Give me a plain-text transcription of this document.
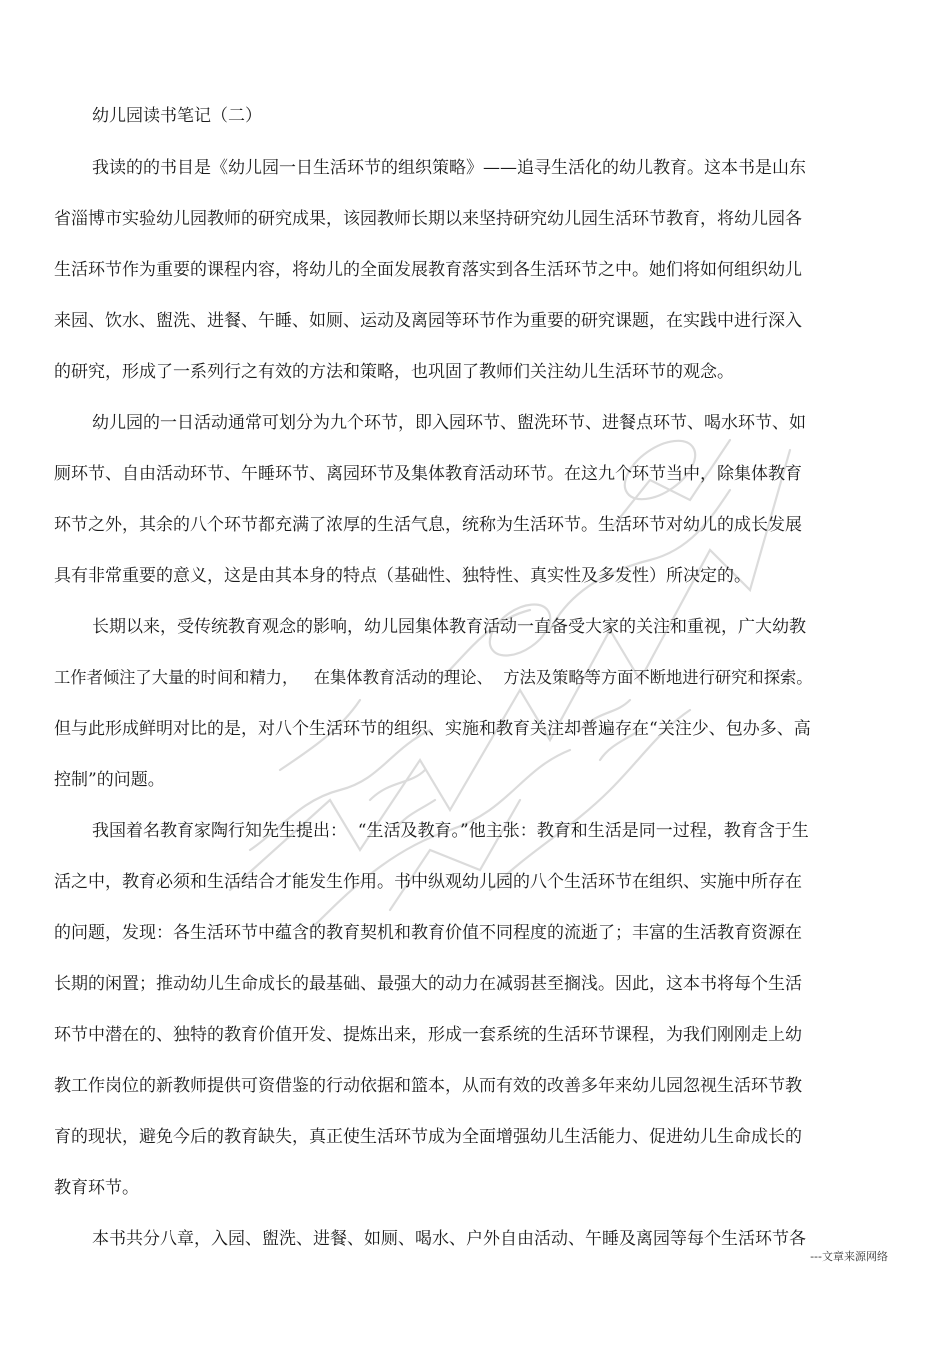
幼儿园读书笔记（二）
我读的的书目是《幼儿园一日生活环节的组织策略》——追寻生活化的幼儿教育。这本书是山东
省淄博市实验幼儿园教师的研究成果，该园教师长期以来坚持研究幼儿园生活环节教育，将幼儿园各
生活环节作为重要的课程内容，将幼儿的全面发展教育落实到各生活环节之中。她们将如何组织幼儿
来园、饮水、盥洗、进餐、午睡、如厕、运动及离园等环节作为重要的研究课题，在实践中进行深入
的研究，形成了一系列行之有效的方法和策略，也巩固了教师们关注幼儿生活环节的观念。
幼儿园的一日活动通常可划分为九个环节，即入园环节、盥洗环节、进餐点环节、喝水环节、如
厕环节、自由活动环节、午睡环节、离园环节及集体教育活动环节。在这九个环节当中，除集体教育
环节之外，其余的八个环节都充满了浓厚的生活气息，统称为生活环节。生活环节对幼儿的成长发展
具有非常重要的意义，这是由其本身的特点（基础性、独特性、真实性及多发性）所决定的。
长期以来，受传统教育观念的影响，幼儿园集体教育活动一直备受大家的关注和重视，广大幼教
工作者倾注了大量的时间和精力，   在集体教育活动的理论、  方法及策略等方面不断地进行研究和探索。
但与此形成鲜明对比的是，对八个生活环节的组织、实施和教育关注却普遍存在“关注少、包办多、高
控制”的问题。
我国着名教育家陶行知先生提出：  “生活及教育。”他主张：教育和生活是同一过程，教育含于生
活之中，教育必须和生活结合才能发生作用。书中纵观幼儿园的八个生活环节在组织、实施中所存在
的问题，发现：各生活环节中蕴含的教育契机和教育价值不同程度的流逝了；丰富的生活教育资源在
长期的闲置；推动幼儿生命成长的最基础、最强大的动力在减弱甚至搁浅。因此，这本书将每个生活
环节中潜在的、独特的教育价值开发、提炼出来，形成一套系统的生活环节课程，为我们刚刚走上幼
教工作岗位的新教师提供可资借鉴的行动依据和篮本，从而有效的改善多年来幼儿园忽视生活环节教
育的现状，避免今后的教育缺失，真正使生活环节成为全面增强幼儿生活能力、促进幼儿生命成长的
教育环节。
本书共分八章，入园、盥洗、进餐、如厕、喝水、户外自由活动、午睡及离园等每个生活环节各
---文章来源网络
